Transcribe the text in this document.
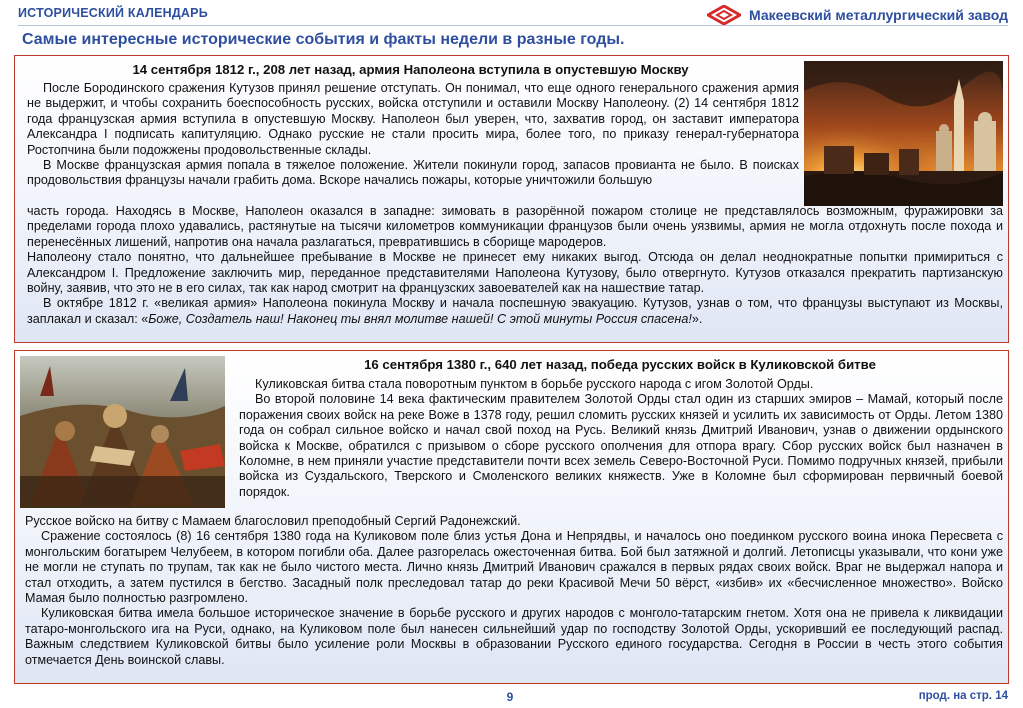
ИСТОРИЧЕСКИЙ КАЛЕНДАРЬ	Макеевский металлургический завод
Самые интересные исторические события и факты недели в разные годы.
14 сентября 1812 г., 208 лет назад, армия Наполеона вступила в опустевшую Москву

После Бородинского сражения Кутузов принял решение отступать. Он понимал, что еще одного генерального сражения армия не выдержит, и чтобы сохранить боеспособность русских, войска отступили и оставили Москву Наполеону. (2) 14 сентября 1812 года французская армия вступила в опустевшую Москву. Наполеон был уверен, что, захватив город, он заставит императора Александра I подписать капитуляцию. Однако русские не стали просить мира, более того, по приказу генерал-губернатора Ростопчина были подожжены продовольственные склады.

В Москве французская армия попала в тяжелое положение. Жители покинули город, запасов провианта не было. В поисках продовольствия французы начали грабить дома. Вскоре начались пожары, которые уничтожили большую

часть города. Находясь в Москве, Наполеон оказался в западне: зимовать в разорённой пожаром столице не представлялось возможным, фуражировки за пределами города плохо удавались, растянутые на тысячи километров коммуникации французов были очень уязвимы, армия не могла отдохнуть после похода и перенесённых лишений, напротив она начала разлагаться, превратившись в сборище мародеров.

Наполеону стало понятно, что дальнейшее пребывание в Москве не принесет ему никаких выгод. Отсюда он делал неоднократные попытки примириться с Александром I. Предложение заключить мир, переданное представителями Наполеона Кутузову, было отвергнуто. Кутузов отказался прекратить партизанскую войну, заявив, что это не в его силах, так как народ смотрит на французских завоевателей как на нашествие татар.

В октябре 1812 г. «великая армия» Наполеона покинула Москву и начала поспешную эвакуацию. Кутузов, узнав о том, что французы выступают из Москвы, заплакал и сказал: «Боже, Создатель наш! Наконец ты внял молитве нашей! С этой минуты Россия спасена!».

16 сентября 1380 г., 640 лет назад, победа русских войск в Куликовской битве

Куликовская битва стала поворотным пунктом в борьбе русского народа с игом Золотой Орды.

Во второй половине 14 века фактическим правителем Золотой Орды стал один из старших эмиров – Мамай, который после поражения своих войск на реке Воже в 1378 году, решил сломить русских князей и усилить их зависимость от Орды. Летом 1380 года он собрал сильное войско и начал свой поход на Русь. Великий князь Дмитрий Иванович, узнав о движении ордынского войска к Москве, обратился с призывом о сборе русского ополчения для отпора врагу. Сбор русских войск был назначен в Коломне, в нем приняли участие представители почти всех земель Северо-Восточной Руси. Помимо подручных князей, прибыли войска из Суздальского, Тверского и Смоленского великих княжеств. Уже в Коломне был сформирован первичный боевой порядок.

Русское войско на битву с Мамаем благословил преподобный Сергий Радонежский.

Сражение состоялось (8) 16 сентября 1380 года на Куликовом поле близ устья Дона и Непрядвы, и началось оно поединком русского воина инока Пересвета с монгольским богатырем Челубеем, в котором погибли оба. Далее разгорелась ожесточенная битва. Бой был затяжной и долгий. Летописцы указывали, что кони уже не могли не ступать по трупам, так как не было чистого места. Лично князь Дмитрий Иванович сражался в первых рядах своих войск. Враг не выдержал напора и стал отходить, а затем пустился в бегство. Засадный полк преследовал татар до реки Красивой Мечи 50 вёрст, «избив» их «бесчисленное множество». Войско Мамая было полностью разгромлено.

Куликовская битва имела большое историческое значение в борьбе русского и других народов с монголо-татарским гнетом. Хотя она не привела к ликвидации татаро-монгольского ига на Руси, однако, на Куликовом поле был нанесен сильнейший удар по господству Золотой Орды, ускоривший ее последующий распад. Важным следствием Куликовской битвы было усиление роли Москвы в образовании Русского единого государства. Сегодня в России в честь этого события отмечается День воинской славы.

9	прод. на стр. 14
